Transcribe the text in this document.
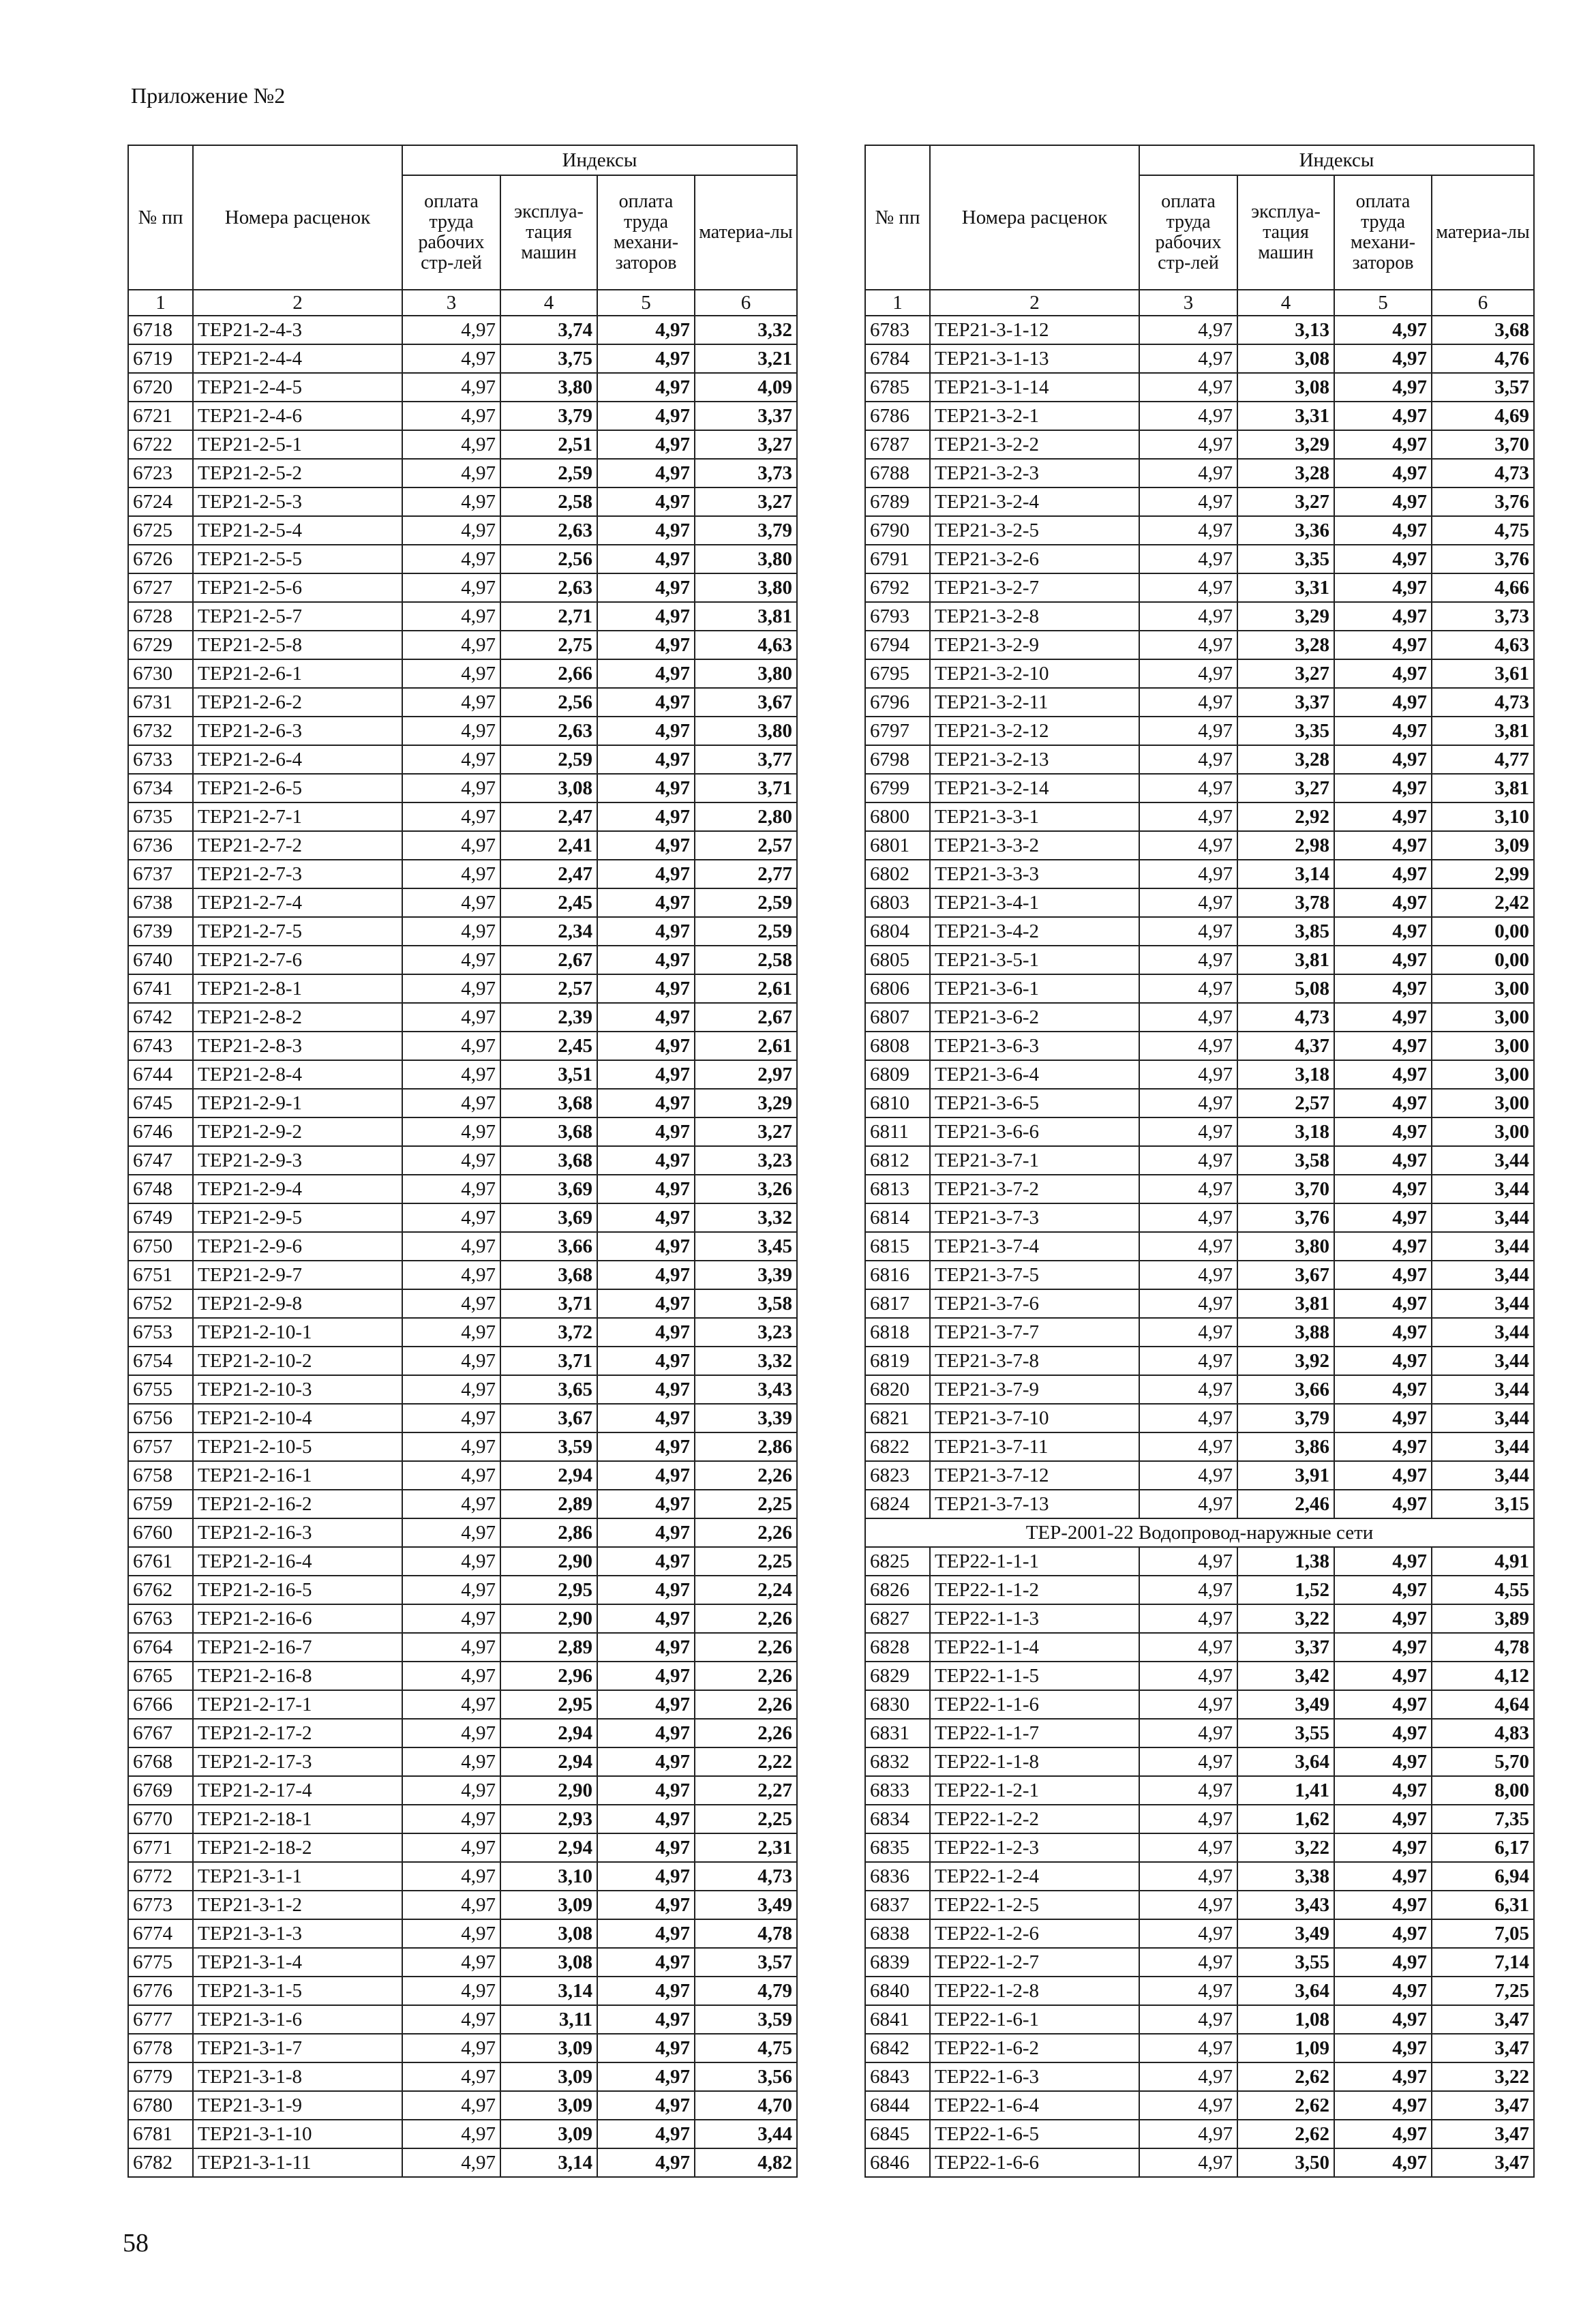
Приложение №2
№ пп	Номера расценок	Индексы			
		оплата труда рабочих стр-лей	эксплуа-тация машин	оплата труда механи-заторов	материа-лы
1	2	3	4	5	6
6718	ТЕР21-2-4-3	4,97	3,74	4,97	3,32
6719	ТЕР21-2-4-4	4,97	3,75	4,97	3,21
6720	ТЕР21-2-4-5	4,97	3,80	4,97	4,09
6721	ТЕР21-2-4-6	4,97	3,79	4,97	3,37
6722	ТЕР21-2-5-1	4,97	2,51	4,97	3,27
6723	ТЕР21-2-5-2	4,97	2,59	4,97	3,73
6724	ТЕР21-2-5-3	4,97	2,58	4,97	3,27
6725	ТЕР21-2-5-4	4,97	2,63	4,97	3,79
6726	ТЕР21-2-5-5	4,97	2,56	4,97	3,80
6727	ТЕР21-2-5-6	4,97	2,63	4,97	3,80
6728	ТЕР21-2-5-7	4,97	2,71	4,97	3,81
6729	ТЕР21-2-5-8	4,97	2,75	4,97	4,63
6730	ТЕР21-2-6-1	4,97	2,66	4,97	3,80
6731	ТЕР21-2-6-2	4,97	2,56	4,97	3,67
6732	ТЕР21-2-6-3	4,97	2,63	4,97	3,80
6733	ТЕР21-2-6-4	4,97	2,59	4,97	3,77
6734	ТЕР21-2-6-5	4,97	3,08	4,97	3,71
6735	ТЕР21-2-7-1	4,97	2,47	4,97	2,80
6736	ТЕР21-2-7-2	4,97	2,41	4,97	2,57
6737	ТЕР21-2-7-3	4,97	2,47	4,97	2,77
6738	ТЕР21-2-7-4	4,97	2,45	4,97	2,59
6739	ТЕР21-2-7-5	4,97	2,34	4,97	2,59
6740	ТЕР21-2-7-6	4,97	2,67	4,97	2,58
6741	ТЕР21-2-8-1	4,97	2,57	4,97	2,61
6742	ТЕР21-2-8-2	4,97	2,39	4,97	2,67
6743	ТЕР21-2-8-3	4,97	2,45	4,97	2,61
6744	ТЕР21-2-8-4	4,97	3,51	4,97	2,97
6745	ТЕР21-2-9-1	4,97	3,68	4,97	3,29
6746	ТЕР21-2-9-2	4,97	3,68	4,97	3,27
6747	ТЕР21-2-9-3	4,97	3,68	4,97	3,23
6748	ТЕР21-2-9-4	4,97	3,69	4,97	3,26
6749	ТЕР21-2-9-5	4,97	3,69	4,97	3,32
6750	ТЕР21-2-9-6	4,97	3,66	4,97	3,45
6751	ТЕР21-2-9-7	4,97	3,68	4,97	3,39
6752	ТЕР21-2-9-8	4,97	3,71	4,97	3,58
6753	ТЕР21-2-10-1	4,97	3,72	4,97	3,23
6754	ТЕР21-2-10-2	4,97	3,71	4,97	3,32
6755	ТЕР21-2-10-3	4,97	3,65	4,97	3,43
6756	ТЕР21-2-10-4	4,97	3,67	4,97	3,39
6757	ТЕР21-2-10-5	4,97	3,59	4,97	2,86
6758	ТЕР21-2-16-1	4,97	2,94	4,97	2,26
6759	ТЕР21-2-16-2	4,97	2,89	4,97	2,25
6760	ТЕР21-2-16-3	4,97	2,86	4,97	2,26
6761	ТЕР21-2-16-4	4,97	2,90	4,97	2,25
6762	ТЕР21-2-16-5	4,97	2,95	4,97	2,24
6763	ТЕР21-2-16-6	4,97	2,90	4,97	2,26
6764	ТЕР21-2-16-7	4,97	2,89	4,97	2,26
6765	ТЕР21-2-16-8	4,97	2,96	4,97	2,26
6766	ТЕР21-2-17-1	4,97	2,95	4,97	2,26
6767	ТЕР21-2-17-2	4,97	2,94	4,97	2,26
6768	ТЕР21-2-17-3	4,97	2,94	4,97	2,22
6769	ТЕР21-2-17-4	4,97	2,90	4,97	2,27
6770	ТЕР21-2-18-1	4,97	2,93	4,97	2,25
6771	ТЕР21-2-18-2	4,97	2,94	4,97	2,31
6772	ТЕР21-3-1-1	4,97	3,10	4,97	4,73
6773	ТЕР21-3-1-2	4,97	3,09	4,97	3,49
6774	ТЕР21-3-1-3	4,97	3,08	4,97	4,78
6775	ТЕР21-3-1-4	4,97	3,08	4,97	3,57
6776	ТЕР21-3-1-5	4,97	3,14	4,97	4,79
6777	ТЕР21-3-1-6	4,97	3,11	4,97	3,59
6778	ТЕР21-3-1-7	4,97	3,09	4,97	4,75
6779	ТЕР21-3-1-8	4,97	3,09	4,97	3,56
6780	ТЕР21-3-1-9	4,97	3,09	4,97	4,70
6781	ТЕР21-3-1-10	4,97	3,09	4,97	3,44
6782	ТЕР21-3-1-11	4,97	3,14	4,97	4,82
№ пп	Номера расценок	Индексы			
		оплата труда рабочих стр-лей	эксплуа-тация машин	оплата труда механи-заторов	материа-лы
1	2	3	4	5	6
6783	ТЕР21-3-1-12	4,97	3,13	4,97	3,68
6784	ТЕР21-3-1-13	4,97	3,08	4,97	4,76
6785	ТЕР21-3-1-14	4,97	3,08	4,97	3,57
6786	ТЕР21-3-2-1	4,97	3,31	4,97	4,69
6787	ТЕР21-3-2-2	4,97	3,29	4,97	3,70
6788	ТЕР21-3-2-3	4,97	3,28	4,97	4,73
6789	ТЕР21-3-2-4	4,97	3,27	4,97	3,76
6790	ТЕР21-3-2-5	4,97	3,36	4,97	4,75
6791	ТЕР21-3-2-6	4,97	3,35	4,97	3,76
6792	ТЕР21-3-2-7	4,97	3,31	4,97	4,66
6793	ТЕР21-3-2-8	4,97	3,29	4,97	3,73
6794	ТЕР21-3-2-9	4,97	3,28	4,97	4,63
6795	ТЕР21-3-2-10	4,97	3,27	4,97	3,61
6796	ТЕР21-3-2-11	4,97	3,37	4,97	4,73
6797	ТЕР21-3-2-12	4,97	3,35	4,97	3,81
6798	ТЕР21-3-2-13	4,97	3,28	4,97	4,77
6799	ТЕР21-3-2-14	4,97	3,27	4,97	3,81
6800	ТЕР21-3-3-1	4,97	2,92	4,97	3,10
6801	ТЕР21-3-3-2	4,97	2,98	4,97	3,09
6802	ТЕР21-3-3-3	4,97	3,14	4,97	2,99
6803	ТЕР21-3-4-1	4,97	3,78	4,97	2,42
6804	ТЕР21-3-4-2	4,97	3,85	4,97	0,00
6805	ТЕР21-3-5-1	4,97	3,81	4,97	0,00
6806	ТЕР21-3-6-1	4,97	5,08	4,97	3,00
6807	ТЕР21-3-6-2	4,97	4,73	4,97	3,00
6808	ТЕР21-3-6-3	4,97	4,37	4,97	3,00
6809	ТЕР21-3-6-4	4,97	3,18	4,97	3,00
6810	ТЕР21-3-6-5	4,97	2,57	4,97	3,00
6811	ТЕР21-3-6-6	4,97	3,18	4,97	3,00
6812	ТЕР21-3-7-1	4,97	3,58	4,97	3,44
6813	ТЕР21-3-7-2	4,97	3,70	4,97	3,44
6814	ТЕР21-3-7-3	4,97	3,76	4,97	3,44
6815	ТЕР21-3-7-4	4,97	3,80	4,97	3,44
6816	ТЕР21-3-7-5	4,97	3,67	4,97	3,44
6817	ТЕР21-3-7-6	4,97	3,81	4,97	3,44
6818	ТЕР21-3-7-7	4,97	3,88	4,97	3,44
6819	ТЕР21-3-7-8	4,97	3,92	4,97	3,44
6820	ТЕР21-3-7-9	4,97	3,66	4,97	3,44
6821	ТЕР21-3-7-10	4,97	3,79	4,97	3,44
6822	ТЕР21-3-7-11	4,97	3,86	4,97	3,44
6823	ТЕР21-3-7-12	4,97	3,91	4,97	3,44
6824	ТЕР21-3-7-13	4,97	2,46	4,97	3,15
ТЕР-2001-22 Водопровод-наружные сети					
6825	ТЕР22-1-1-1	4,97	1,38	4,97	4,91
6826	ТЕР22-1-1-2	4,97	1,52	4,97	4,55
6827	ТЕР22-1-1-3	4,97	3,22	4,97	3,89
6828	ТЕР22-1-1-4	4,97	3,37	4,97	4,78
6829	ТЕР22-1-1-5	4,97	3,42	4,97	4,12
6830	ТЕР22-1-1-6	4,97	3,49	4,97	4,64
6831	ТЕР22-1-1-7	4,97	3,55	4,97	4,83
6832	ТЕР22-1-1-8	4,97	3,64	4,97	5,70
6833	ТЕР22-1-2-1	4,97	1,41	4,97	8,00
6834	ТЕР22-1-2-2	4,97	1,62	4,97	7,35
6835	ТЕР22-1-2-3	4,97	3,22	4,97	6,17
6836	ТЕР22-1-2-4	4,97	3,38	4,97	6,94
6837	ТЕР22-1-2-5	4,97	3,43	4,97	6,31
6838	ТЕР22-1-2-6	4,97	3,49	4,97	7,05
6839	ТЕР22-1-2-7	4,97	3,55	4,97	7,14
6840	ТЕР22-1-2-8	4,97	3,64	4,97	7,25
6841	ТЕР22-1-6-1	4,97	1,08	4,97	3,47
6842	ТЕР22-1-6-2	4,97	1,09	4,97	3,47
6843	ТЕР22-1-6-3	4,97	2,62	4,97	3,22
6844	ТЕР22-1-6-4	4,97	2,62	4,97	3,47
6845	ТЕР22-1-6-5	4,97	2,62	4,97	3,47
6846	ТЕР22-1-6-6	4,97	3,50	4,97	3,47
58
